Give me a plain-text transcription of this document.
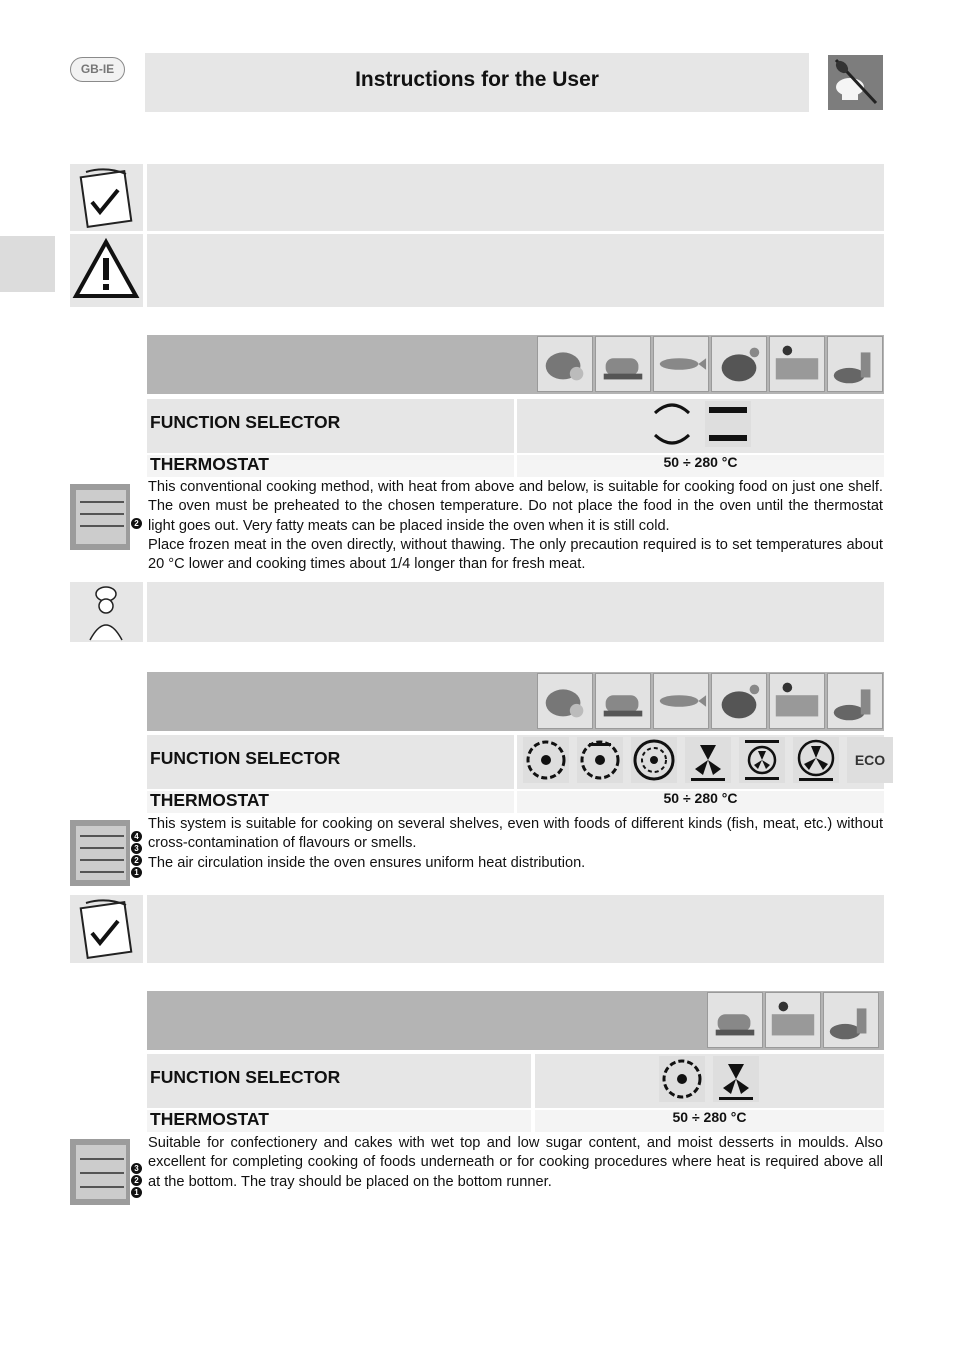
GB-IE	Instructions for the User
FUNCTION SELECTOR
THERMOSTAT	50 ÷ 280 °C
2

This conventional cooking method, with heat from above and below, is suitable for cooking food on just one shelf. The oven must be preheated to the chosen temperature. Do not place the food in the oven until the thermostat light goes out. Very fatty meats can be placed inside the oven when it is still cold.

Place frozen meat in the oven directly, without thawing. The only precaution required is to set temperatures about 20 °C lower and cooking times about 1/4 longer than for fresh meat.

FUNCTION SELECTOR	ECO
THERMOSTAT	50 ÷ 280 °C
4
3
2
1

This system is suitable for cooking on several shelves, even with foods of different kinds (fish, meat, etc.) without cross-contamination of flavours or smells.

The air circulation inside the oven ensures uniform heat distribution.

FUNCTION SELECTOR
THERMOSTAT	50 ÷ 280 °C
3
2
1

Suitable for confectionery and cakes with wet top and low sugar content, and moist desserts in moulds. Also excellent for completing cooking of foods underneath or for cooking procedures where heat is required above all at the bottom. The tray should be placed on the bottom runner.
